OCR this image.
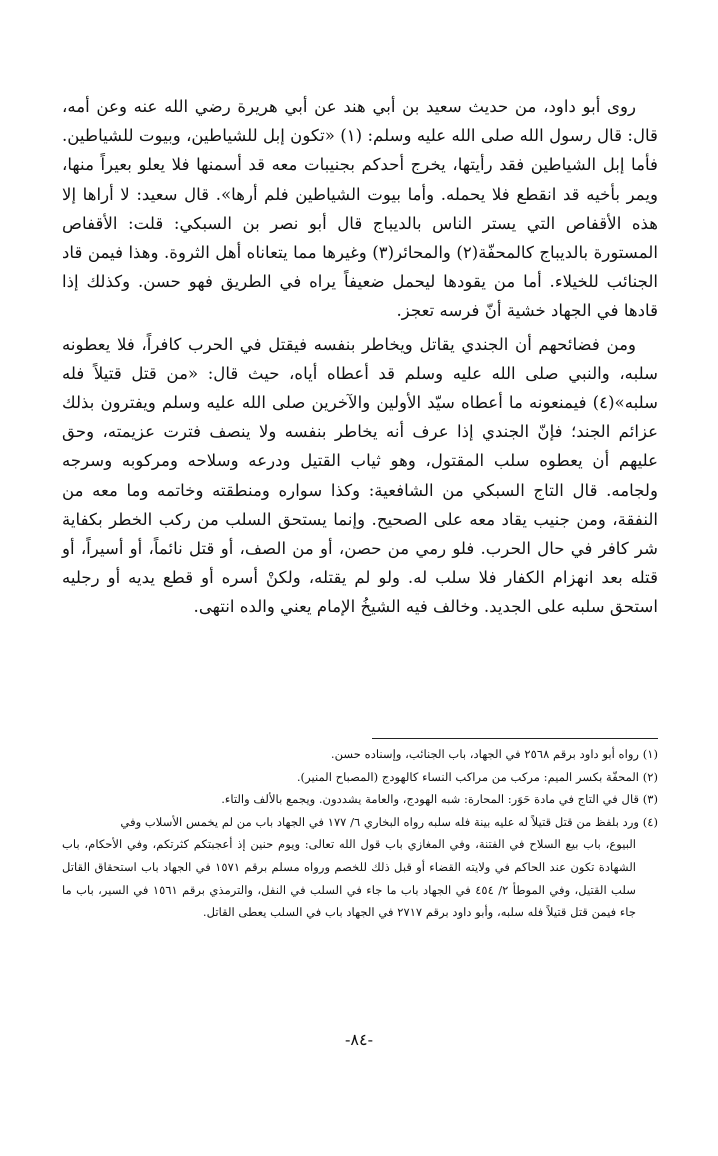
روى أبو داود، من حديث سعيد بن أبي هند عن أبي هريرة رضي الله عنه وعن أمه، قال: قال رسول الله صلى الله عليه وسلم: (١) «تكون إبل للشياطين، وبيوت للشياطين. فأما إبل الشياطين فقد رأيتها، يخرج أحدكم بجنيبات معه قد أسمنها فلا يعلو بعيراً منها، ويمر بأخيه قد انقطع فلا يحمله. وأما بيوت الشياطين فلم أرها». قال سعيد: لا أراها إلا هذه الأقفاص التي يستر الناس بالديباج قال أبو نصر بن السبكي: قلت: الأقفاص المستورة بالديباج كالمحفّة(٢) والمحائر(٣) وغيرها مما يتعاناه أهل الثروة. وهذا فيمن قاد الجنائب للخيلاء. أما من يقودها ليحمل ضعيفاً يراه في الطريق فهو حسن. وكذلك إذا قادها في الجهاد خشية أنّ فرسه تعجز.

ومن فضائحهم أن الجندي يقاتل ويخاطر بنفسه فيقتل في الحرب كافراً، فلا يعطونه سلبه، والنبي صلى الله عليه وسلم قد أعطاه أياه، حيث قال: «من قتل قتيلاً فله سلبه»(٤) فيمنعونه ما أعطاه سيّد الأولين والآخرين صلى الله عليه وسلم ويفترون بذلك عزائم الجند؛ فإنّ الجندي إذا عرف أنه يخاطر بنفسه ولا ينصف فترت عزيمته، وحق عليهم أن يعطوه سلب المقتول، وهو ثياب القتيل ودرعه وسلاحه ومركوبه وسرجه ولجامه. قال التاج السبكي من الشافعية: وكذا سواره ومنطقته وخاتمه وما معه من النفقة، ومن جنيب يقاد معه على الصحيح. وإنما يستحق السلب من ركب الخطر بكفاية شر كافر في حال الحرب. فلو رمي من حصن، أو من الصف، أو قتل نائماً، أو أسيراً، أو قتله بعد انهزام الكفار فلا سلب له. ولو لم يقتله، ولكنْ أسره أو قطع يديه أو رجليه استحق سلبه على الجديد. وخالف فيه الشيخُ الإمام يعني والده انتهى.

(١) رواه أبو داود برقم ٢٥٦٨ في الجهاد، باب الجنائب، وإسناده حسن.

(٢) المحفّة بكسر الميم: مركب من مراكب النساء كالهودج (المصباح المنير).

(٣) قال في التاج في مادة حَوَر: المحارة: شبه الهودج، والعامة يشددون. ويجمع بالألف والتاء.

(٤) ورد بلفظ من قتل قتيلاً له عليه بينة فله سلبه رواه البخاري ٦/ ١٧٧ في الجهاد باب من لم يخمس الأسلاب وفي

البيوع، باب بيع السلاح في الفتنة، وفي المغازي باب قول الله تعالى: ويوم حنين إذ أعجبتكم كثرتكم، وفي الأحكام، باب الشهادة تكون عند الحاكم في ولايته القضاء أو قبل ذلك للخصم ورواه مسلم برقم ١٥٧١ في الجهاد باب استحقاق القاتل سلب القتيل، وفي الموطأ ٢/ ٤٥٤ في الجهاد باب ما جاء في السلب في النفل، والترمذي برقم ١٥٦١ في السير، باب ما جاء فيمن قتل قتيلاً فله سلبه، وأبو داود برقم ٢٧١٧ في الجهاد باب في السلب يعطى القاتل.

-٨٤-
